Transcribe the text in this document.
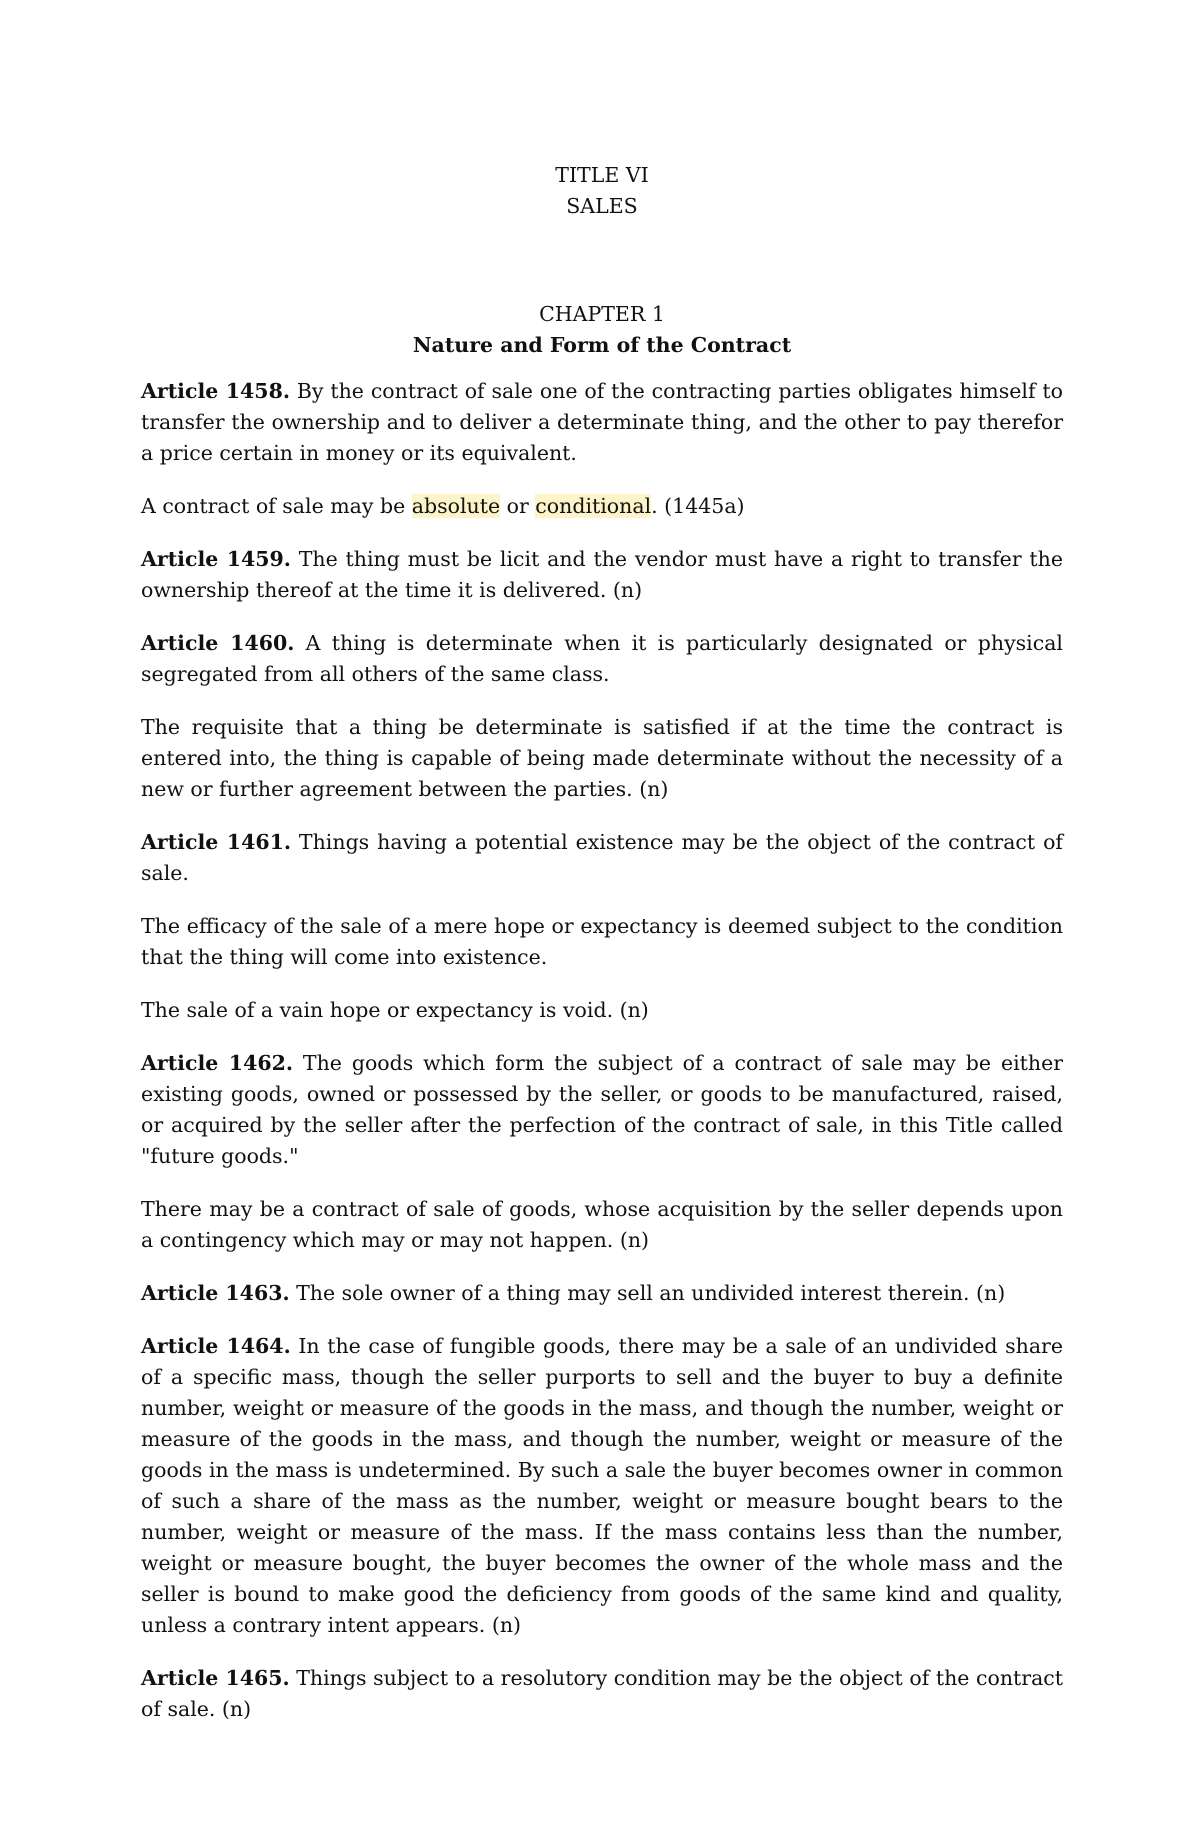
TITLE VI
SALES
CHAPTER 1
Nature and Form of the Contract

Article 1458. By the contract of sale one of the contracting parties obligates himself to transfer the ownership and to deliver a determinate thing, and the other to pay therefor a price certain in money or its equivalent.

A contract of sale may be absolute or conditional. (1445a)

Article 1459. The thing must be licit and the vendor must have a right to transfer the ownership thereof at the time it is delivered. (n)

Article 1460. A thing is determinate when it is particularly designated or physical segregated from all others of the same class.

The requisite that a thing be determinate is satisfied if at the time the contract is entered into, the thing is capable of being made determinate without the necessity of a new or further agreement between the parties. (n)

Article 1461. Things having a potential existence may be the object of the contract of sale.

The efficacy of the sale of a mere hope or expectancy is deemed subject to the condition that the thing will come into existence.

The sale of a vain hope or expectancy is void. (n)

Article 1462. The goods which form the subject of a contract of sale may be either existing goods, owned or possessed by the seller, or goods to be manufactured, raised, or acquired by the seller after the perfection of the contract of sale, in this Title called "future goods."

There may be a contract of sale of goods, whose acquisition by the seller depends upon a contingency which may or may not happen. (n)

Article 1463. The sole owner of a thing may sell an undivided interest therein. (n)

Article 1464. In the case of fungible goods, there may be a sale of an undivided share of a specific mass, though the seller purports to sell and the buyer to buy a definite number, weight or measure of the goods in the mass, and though the number, weight or measure of the goods in the mass, and though the number, weight or measure of the goods in the mass is undetermined. By such a sale the buyer becomes owner in common of such a share of the mass as the number, weight or measure bought bears to the number, weight or measure of the mass. If the mass contains less than the number, weight or measure bought, the buyer becomes the owner of the whole mass and the seller is bound to make good the deficiency from goods of the same kind and quality, unless a contrary intent appears. (n)

Article 1465. Things subject to a resolutory condition may be the object of the contract of sale. (n)
